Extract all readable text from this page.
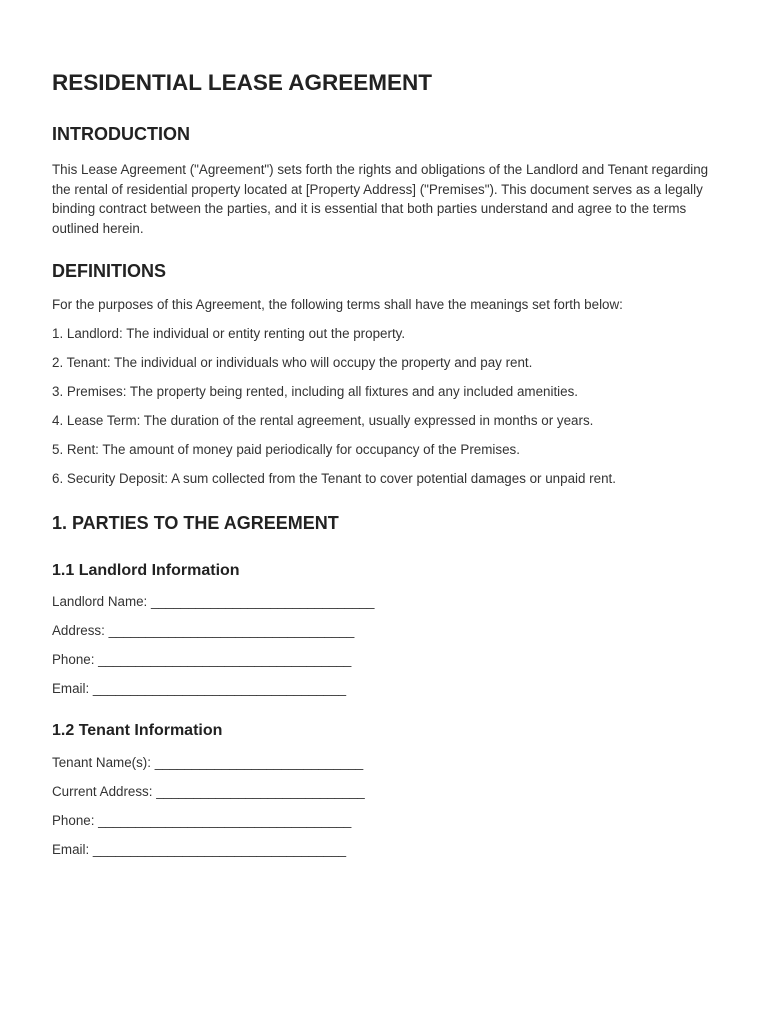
RESIDENTIAL LEASE AGREEMENT
INTRODUCTION

This Lease Agreement ("Agreement") sets forth the rights and obligations of the Landlord and Tenant regarding the rental of residential property located at [Property Address] ("Premises"). This document serves as a legally binding contract between the parties, and it is essential that both parties understand and agree to the terms outlined herein.

DEFINITIONS

For the purposes of this Agreement, the following terms shall have the meanings set forth below:

1. Landlord: The individual or entity renting out the property.

2. Tenant: The individual or individuals who will occupy the property and pay rent.

3. Premises: The property being rented, including all fixtures and any included amenities.

4. Lease Term: The duration of the rental agreement, usually expressed in months or years.

5. Rent: The amount of money paid periodically for occupancy of the Premises.

6. Security Deposit: A sum collected from the Tenant to cover potential damages or unpaid rent.

1. PARTIES TO THE AGREEMENT
1.1 Landlord Information

Landlord Name: ______________________________

Address: _________________________________

Phone: __________________________________

Email: __________________________________

1.2 Tenant Information

Tenant Name(s): ____________________________

Current Address: ____________________________

Phone: __________________________________

Email: __________________________________
